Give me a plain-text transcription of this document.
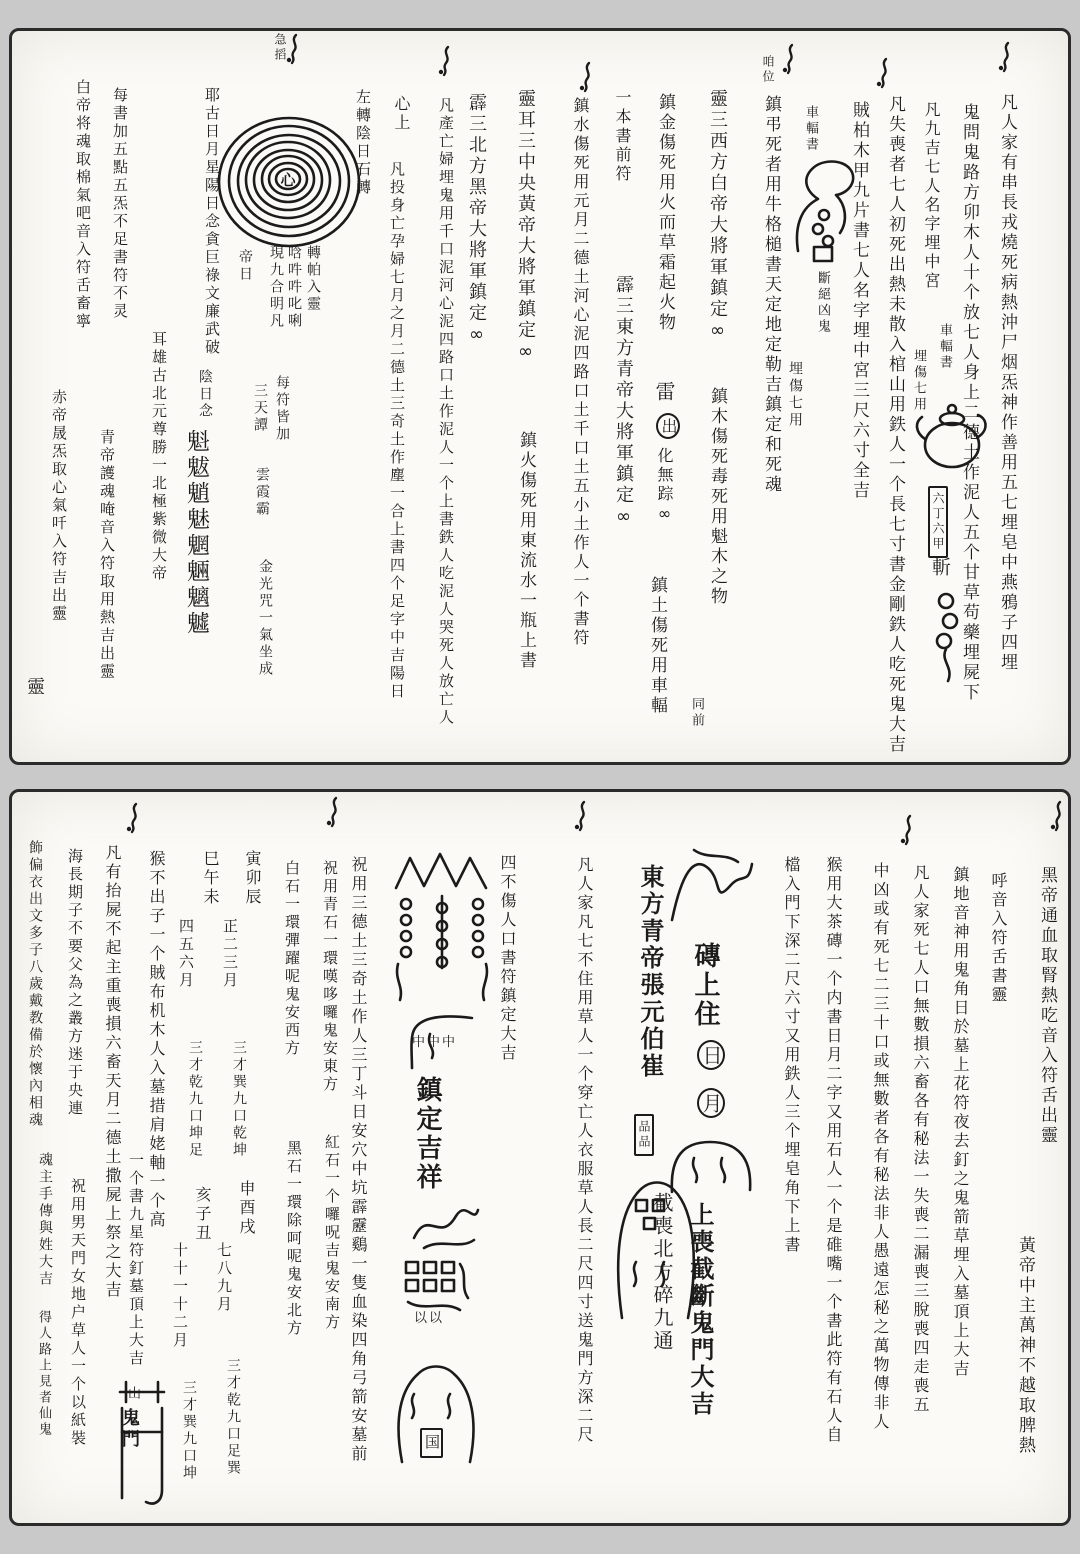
心
急搯
咱位
凡人家有串長戎燒死病熱沖尸烟炁神作善用五七埋皂中燕鴉子四埋
鬼問鬼路方卯木人十个放七人身上二德土作泥人五个甘草苟藥埋屍下
凡九吉七人名字埋中宮
凡失喪者七人初死出熱未散入棺山用鉄人一个長七寸書金剛鉄人吃死鬼大吉
賊柏木甲九片書七人名字埋中宮三尺六寸全吉
車輻書
斷絕凶鬼
車輻書
埋傷七用
埋傷七用
六丁六甲
斬
鎮弔死者用牛格槌書天定地定勒吉鎮定和死魂
靈三西方白帝大將軍鎮定∞
鎮木傷死毒死用魁木之物
同前
鎮金傷死用火而草霜起火物
雷
出
化無踪∞
鎮土傷死用車輻
一本書前符
霹三東方青帝大將軍鎮定∞
鎮水傷死用元月二德土河心泥四路口土千口土五小土作人一个書符
鎮火傷死用東流水一瓶上書
靈耳三中央黃帝大將軍鎮定∞
霹三北方黑帝大將軍鎮定∞
凡產亡婦埋鬼用千口泥河心泥四路口土作泥人一个上書鉄人吃泥人哭死人放亡人
心上
凡投身亡孕婦七月之月二德土三奇土作塵一合上書四个足字中吉陽日
左轉陰日石轉
轉帕入靈
唅吽吽叱唎
現九合明凡
帝日
每符皆加
三天譚
雲霞霸
金光咒一氣坐成
耶古日月星陽日念貪巨祿文廉武破
陰日念
魁魃魈魅魍魎魑魖
耳雄古北元尊勝一北極紫微大帝
每書加五點五炁不足書符不灵
青帝護魂唵音入符取用熱吉出靈
白帝将魂取棉氣吧音入符舌畜寧
赤帝晟炁取心氣吀入符吉出靈
靈
黑帝通血取腎熱吃音入符舌出靈
黃帝中主萬神不越取脾熱
呼音入符舌書靈
鎮地音神用鬼角日於墓上花符夜去釘之鬼箭草埋入墓頂上大吉
凡人家死七人口無數損六畜各有秘法一失喪二漏喪三脫喪四走喪五
中凶或有死七二三十口或無數者各有秘法非人愚遠怎秘之萬物傳非人
猴用大茶磚一个内書日月二字又用石人一个是碓嘴一个書此符有石人自
檔入門下深二尺六寸又用鉄人三个埋皂角下上書
磚上住
日
月
上喪截斷鬼門大吉
東方青帝張元伯崔
品品
截喪北方碎九通
凡人家凡七不住用草人一个穿亡人衣服草人長二尺四寸送鬼門方深二尺
四不傷人口書符鎮定大吉
中中中
鎮定吉祥
以以
国
祝用三德土三奇土作人三丁斗日安穴中坑霹靂鷄一隻血染四角弓箭安墓前
祝用青石一環嘆哆囉鬼安東方
白石一環彈躍呢鬼安西方
紅石一个囉呪吉鬼安南方
黑石一環除呵呢鬼安北方
寅卯辰
正二三月
三才巽九口乾坤
巳午未
四五六月
三才乾九口坤足
申酉戌
七八九月
三才乾九口足巽
亥子丑
十十一十二月
三才巽九口坤
猴不出子一个賊布机木人入墓措肩姥軸一个高
一个書九星符釘墓頂上大吉
山
鬼門
凡有抬屍不起主重喪損六畜天月二德土撒屍上祭之大吉
海長期子不要父為之叢方迷于央連
飾偏衣出文多子八歲戴教備於懷內相魂
祝用男天門女地户草人一个以紙裝
魂主手傳與姓大吉
得人路上見者仙鬼
